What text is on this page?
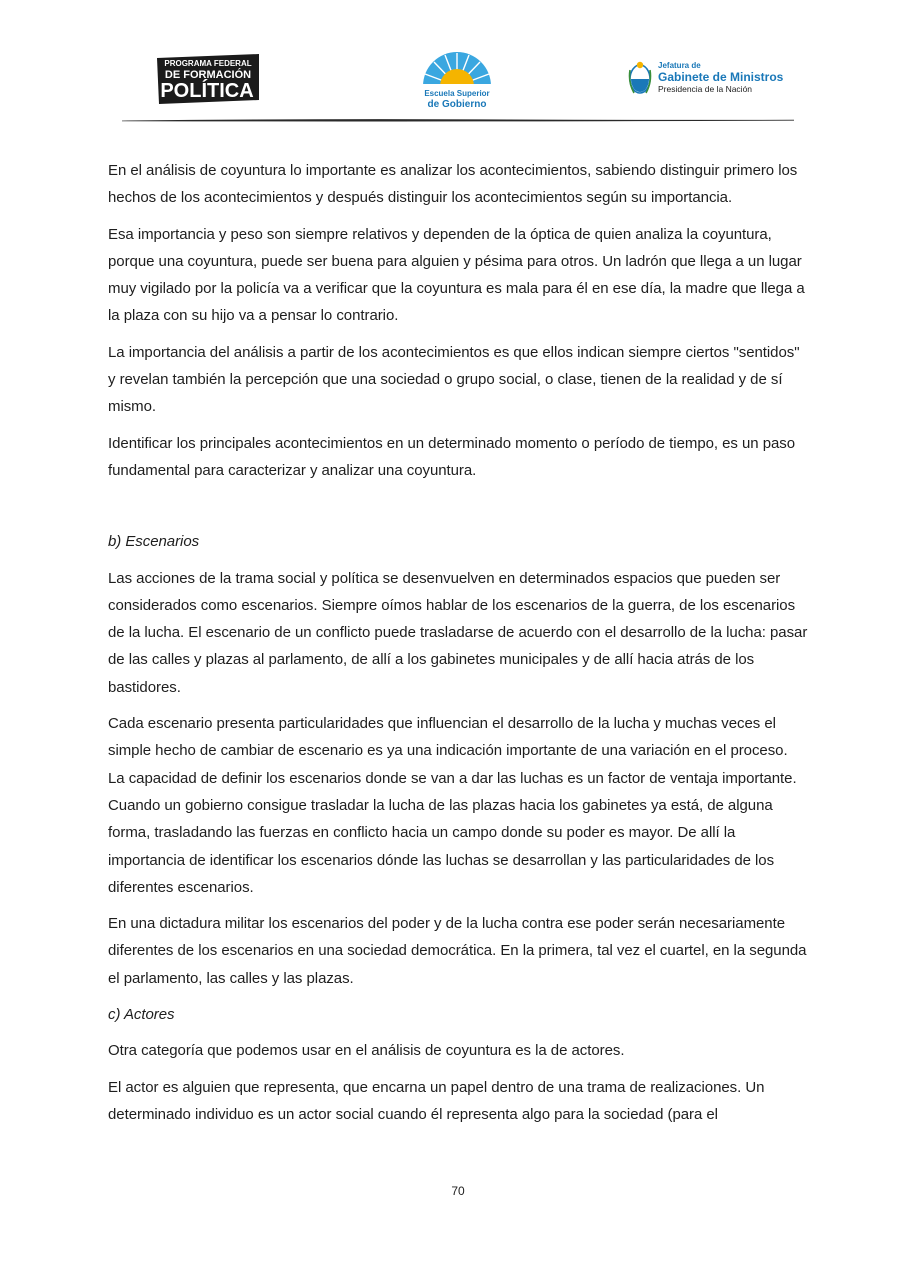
PROGRAMA FEDERAL
DE FORMACIÓN
POLÍTICA	Escuela Superior
de Gobierno
Jefatura de
Gabinete de Ministros
Presidencia de la Nación

En el análisis de coyuntura lo importante es analizar los acontecimientos, sabiendo distinguir primero los hechos de los acontecimientos y después distinguir los acontecimientos según su importancia.

Esa importancia y peso son siempre relativos y dependen de la óptica de quien analiza la coyuntura, porque una coyuntura, puede ser buena para alguien y pésima para otros. Un ladrón que llega a un lugar muy vigilado por la policía va a verificar que la coyuntura es mala para él en ese día, la madre que llega a la plaza con su hijo va a pensar lo contrario.

La importancia del análisis a partir de los acontecimientos es que ellos indican siempre ciertos "sentidos" y revelan también la percepción que una sociedad o grupo social, o clase, tienen de la realidad y de sí mismo.

Identificar los principales acontecimientos en un determinado momento o período de tiempo, es un paso fundamental para caracterizar y analizar una coyuntura.

b) Escenarios

Las acciones de la trama social y política se desenvuelven en determinados espacios que pueden ser considerados como escenarios. Siempre oímos hablar de los escenarios de la guerra, de los escenarios de la lucha. El escenario de un conflicto puede trasladarse de acuerdo con el desarrollo de la lucha: pasar de las calles y plazas al parlamento, de allí a los gabinetes municipales y de allí hacia atrás de los bastidores.

Cada escenario presenta particularidades que influencian el desarrollo de la lucha y muchas veces el simple hecho de cambiar de escenario es ya una indicación importante de una variación en el proceso. La capacidad de definir los escenarios donde se van a dar las luchas es un factor de ventaja importante. Cuando un gobierno consigue trasladar la lucha de las plazas hacia los gabinetes ya está, de alguna forma, trasladando las fuerzas en conflicto hacia un campo donde su poder es mayor. De allí la importancia de identificar los escenarios dónde las luchas se desarrollan y las particularidades de los diferentes escenarios.

En una dictadura militar los escenarios del poder y de la lucha contra ese poder serán necesariamente diferentes de los escenarios en una sociedad democrática. En la primera, tal vez el cuartel, en la segunda el parlamento, las calles y las plazas.

c) Actores

Otra categoría que podemos usar en el análisis de coyuntura es la de actores.

El actor es alguien que representa, que encarna un papel dentro de una trama de realizaciones. Un determinado individuo es un actor social cuando él representa algo para la sociedad (para el

70
